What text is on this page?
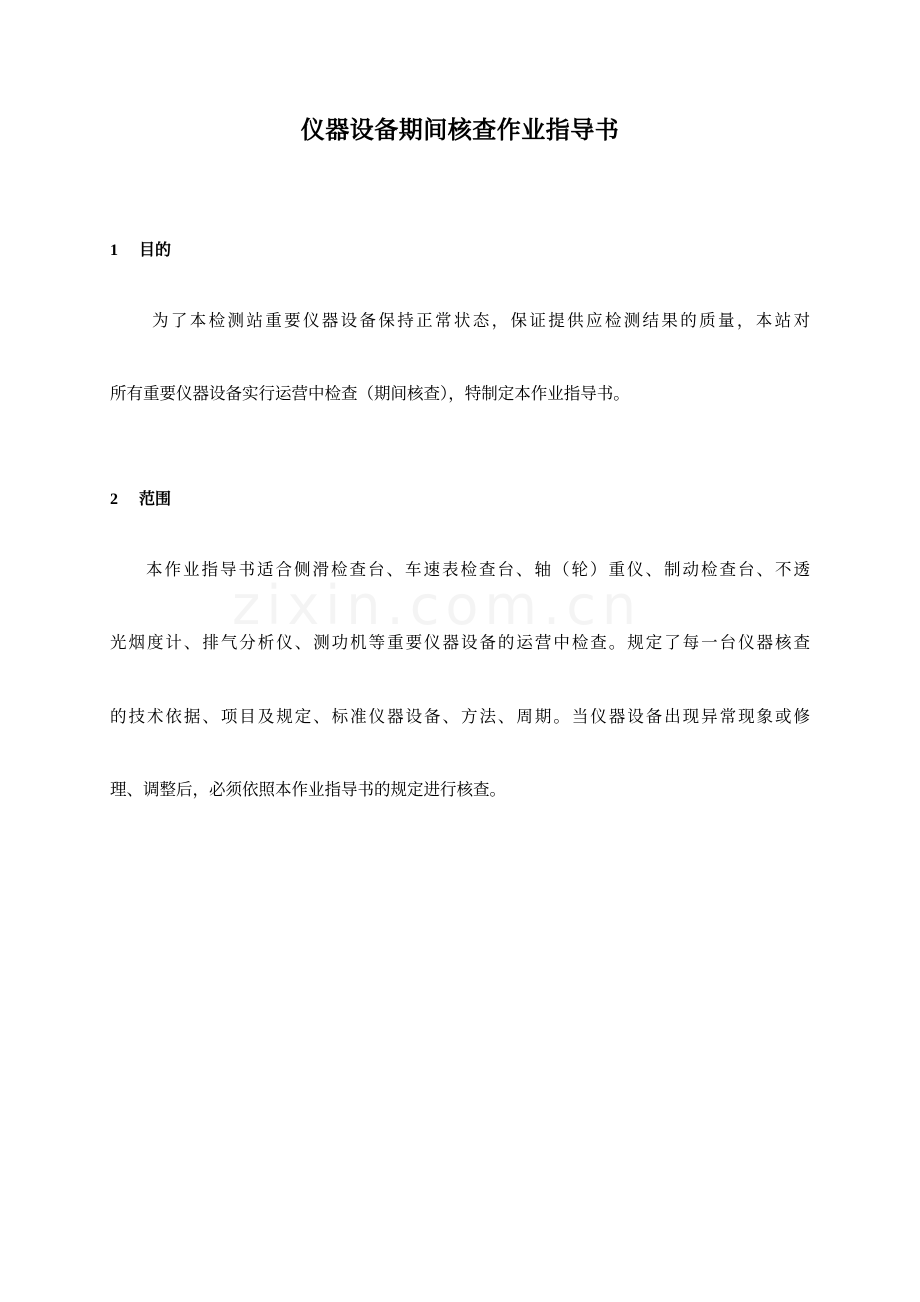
仪器设备期间核查作业指导书
1 目的
为了本检测站重要仪器设备保持正常状态，保证提供应检测结果的质量，本站对
所有重要仪器设备实行运营中检查（期间核查），特制定本作业指导书。
2 范围
本作业指导书适合侧滑检查台、车速表检查台、轴（轮）重仪、制动检查台、不透
光烟度计、排气分析仪、测功机等重要仪器设备的运营中检查。规定了每一台仪器核查
的技术依据、项目及规定、标准仪器设备、方法、周期。当仪器设备出现异常现象或修
理、调整后，必须依照本作业指导书的规定进行核查。
